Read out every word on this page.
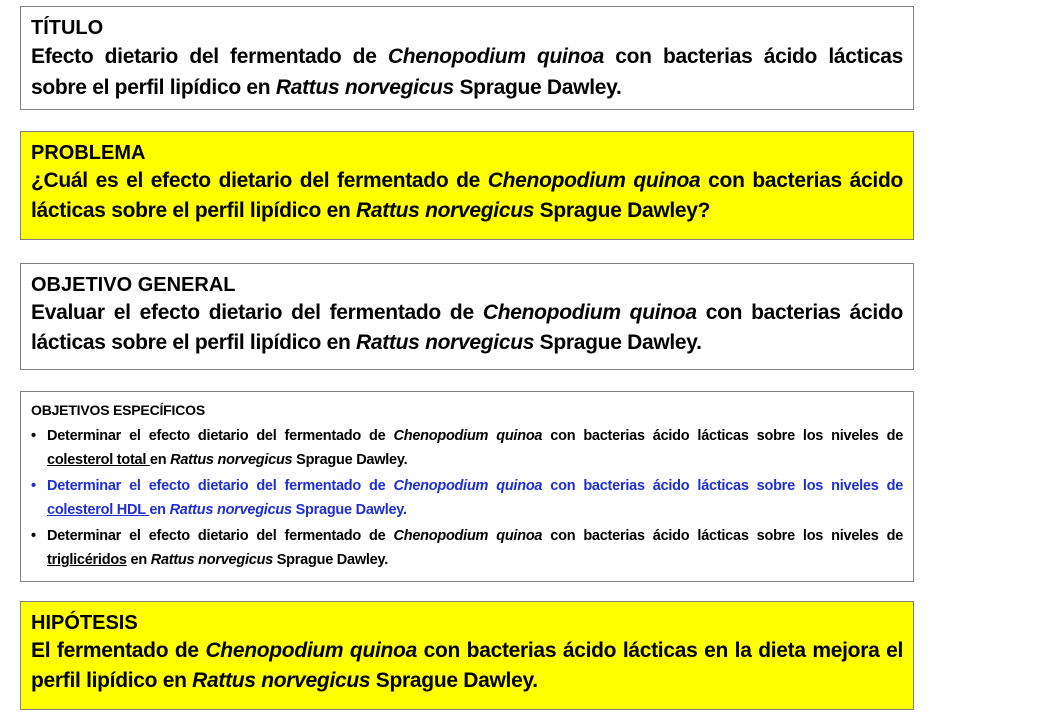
TÍTULO
Efecto dietario del fermentado de Chenopodium quinoa con bacterias ácido lácticas sobre el perfil lipídico en Rattus norvegicus Sprague Dawley.
PROBLEMA
¿Cuál es el efecto dietario del fermentado de Chenopodium quinoa con bacterias ácido lácticas sobre el perfil lipídico en Rattus norvegicus Sprague Dawley?
OBJETIVO GENERAL
Evaluar el efecto dietario del fermentado de Chenopodium quinoa con bacterias ácido lácticas sobre el perfil lipídico en Rattus norvegicus Sprague Dawley.
OBJETIVOS ESPECÍFICOS
• Determinar el efecto dietario del fermentado de Chenopodium quinoa con bacterias ácido lácticas sobre los niveles de colesterol total en Rattus norvegicus Sprague Dawley.
• Determinar el efecto dietario del fermentado de Chenopodium quinoa con bacterias ácido lácticas sobre los niveles de colesterol HDL en Rattus norvegicus Sprague Dawley.
• Determinar el efecto dietario del fermentado de Chenopodium quinoa con bacterias ácido lácticas sobre los niveles de triglicéridos en Rattus norvegicus Sprague Dawley.
HIPÓTESIS
El fermentado de Chenopodium quinoa con bacterias ácido lácticas en la dieta mejora el perfil lipídico en Rattus norvegicus Sprague Dawley.
